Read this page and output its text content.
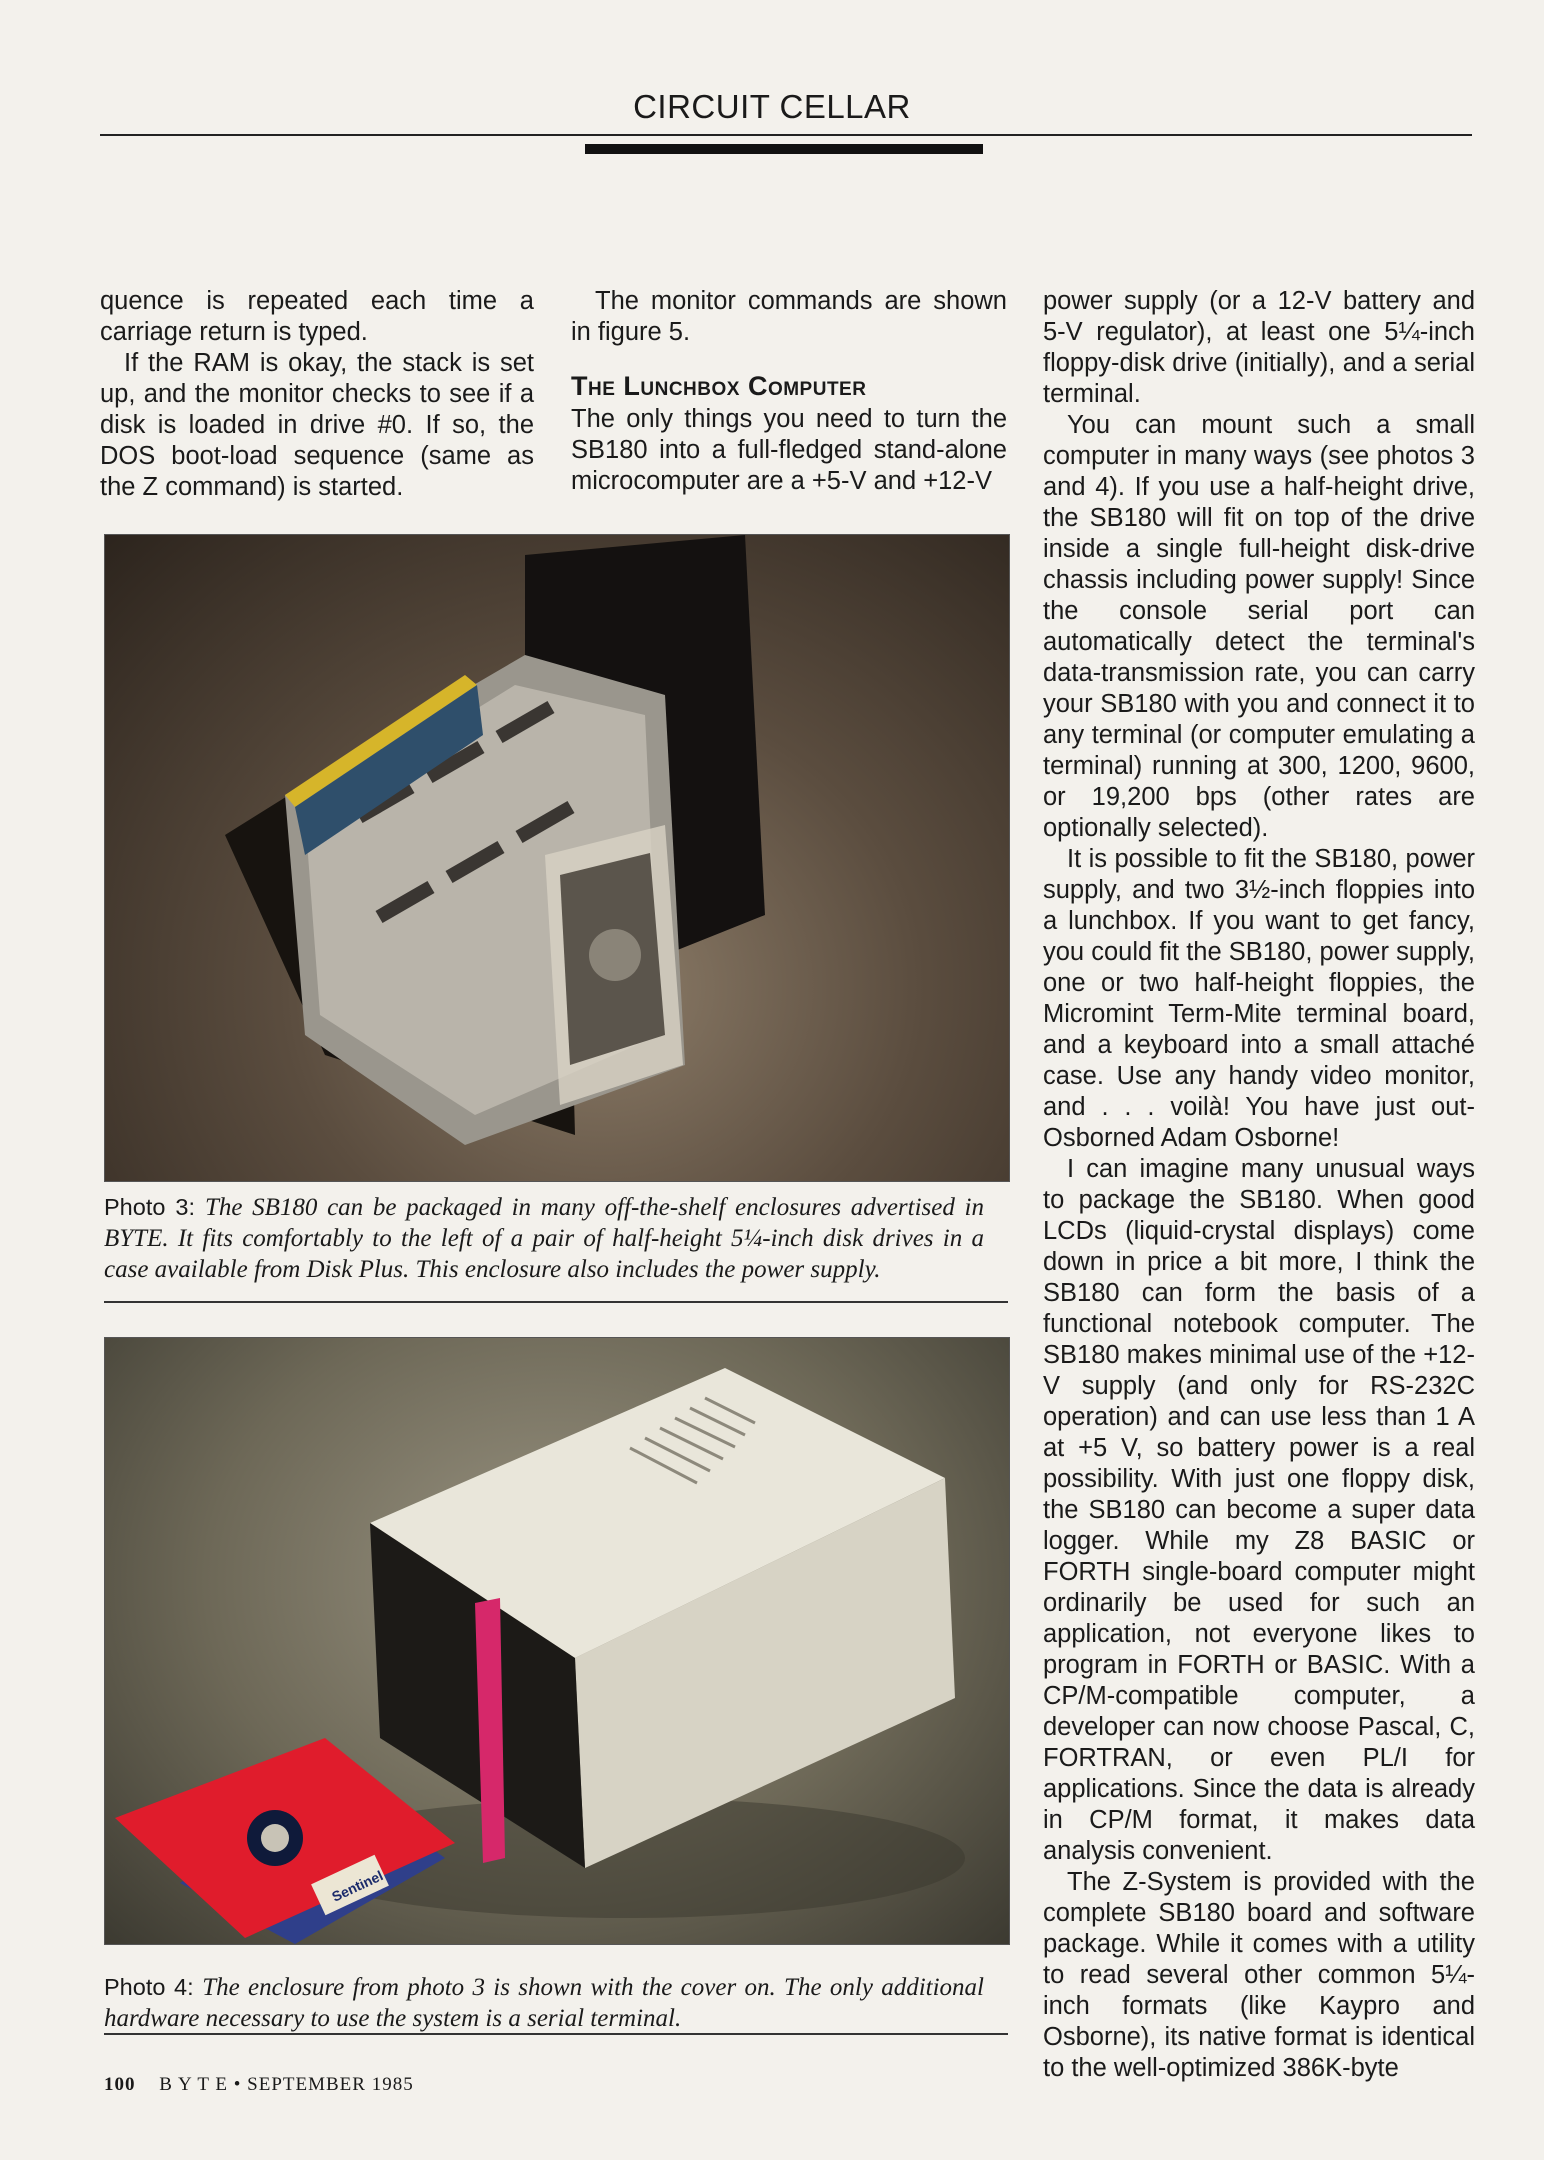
CIRCUIT CELLAR

quence is repeated each time a carriage return is typed.

If the RAM is okay, the stack is set up, and the monitor checks to see if a disk is loaded in drive #0. If so, the DOS boot-load sequence (same as the Z command) is started.

The monitor commands are shown in figure 5.

The Lunchbox Computer

The only things you need to turn the SB180 into a full-fledged stand-alone microcomputer are a +5-V and +12-V

power supply (or a 12-V battery and 5-V regulator), at least one 5¼-inch floppy-disk drive (initially), and a serial terminal.

You can mount such a small computer in many ways (see photos 3 and 4). If you use a half-height drive, the SB180 will fit on top of the drive inside a single full-height disk-drive chassis including power supply! Since the console serial port can automatically detect the terminal's data-transmission rate, you can carry your SB180 with you and connect it to any terminal (or computer emulating a terminal) running at 300, 1200, 9600, or 19,200 bps (other rates are optionally selected).

It is possible to fit the SB180, power supply, and two 3½-inch floppies into a lunchbox. If you want to get fancy, you could fit the SB180, power supply, one or two half-height floppies, the Micromint Term-Mite terminal board, and a keyboard into a small attaché case. Use any handy video monitor, and . . . voilà! You have just out-Osborned Adam Osborne!

I can imagine many unusual ways to package the SB180. When good LCDs (liquid-crystal displays) come down in price a bit more, I think the SB180 can form the basis of a functional notebook computer. The SB180 makes minimal use of the +12-V supply (and only for RS-232C operation) and can use less than 1 A at +5 V, so battery power is a real possibility. With just one floppy disk, the SB180 can become a super data logger. While my Z8 BASIC or FORTH single-board computer might ordinarily be used for such an application, not everyone likes to program in FORTH or BASIC. With a CP/M-compatible computer, a developer can now choose Pascal, C, FORTRAN, or even PL/I for applications. Since the data is already in CP/M format, it makes data analysis convenient.

The Z-System is provided with the complete SB180 board and software package. While it comes with a utility to read several other common 5¼-inch formats (like Kaypro and Osborne), its native format is identical to the well-optimized 386K-byte

Photo 3: The SB180 can be packaged in many off-the-shelf enclosures advertised in BYTE. It fits comfortably to the left of a pair of half-height 5¼-inch disk drives in a case available from Disk Plus. This enclosure also includes the power supply.
Sentinel
Photo 4: The enclosure from photo 3 is shown with the cover on. The only additional hardware necessary to use the system is a serial terminal.
100 B Y T E • SEPTEMBER 1985
